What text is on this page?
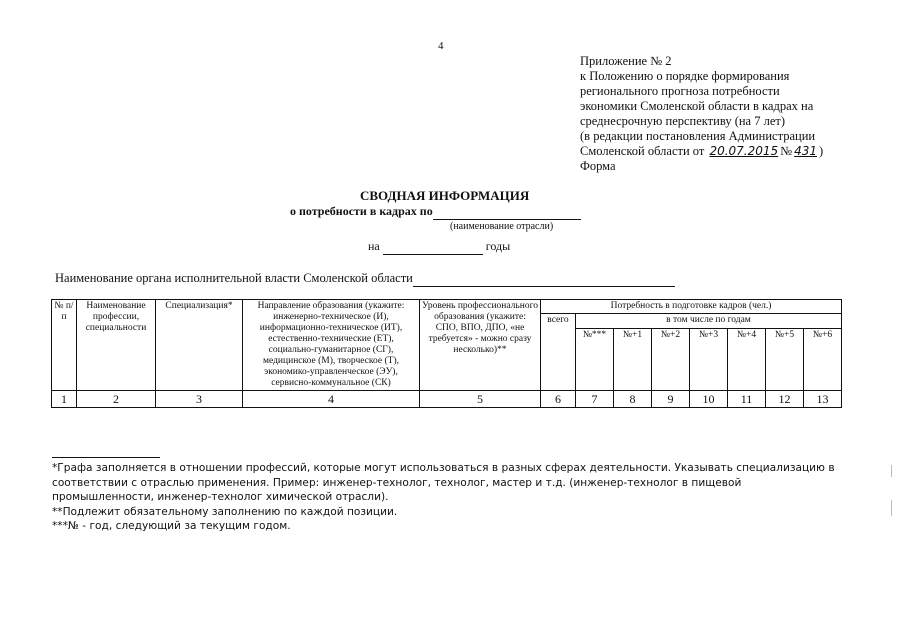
4
Приложение № 2
к Положению о порядке формирования
регионального прогноза потребности
экономики Смоленской области в кадрах на
среднесрочную перспективу (на 7 лет)
(в редакции постановления Администрации
Смоленской области от 20.07.2015 № 431 )
Форма
СВОДНАЯ ИНФОРМАЦИЯ
о потребности в кадрах по
(наименование отрасли)
на	годы
Наименование органа исполнительной власти Смоленской области
№ п/п	Наименование профессии, специальности	Специализация*	Направление образования (укажите: инженерно-техническое (И), информационно-техническое (ИТ), естественно-технические (ЕТ), социально-гуманитарное (СГ), медицинское (М), творческое (Т), экономико-управленческое (ЭУ), сервисно-коммунальное (СК)	Уровень профессионального образования (укажите: СПО, ВПО, ДПО, «не требуется» - можно сразу несколько)**	Потребность в подготовке кадров (чел.)							
					всего	в том числе по годам						
						№***	№+1	№+2	№+3	№+4	№+5	№+6
1	2	3	4	5	6	7	8	9	10	11	12	13

*Графа заполняется в отношении профессий, которые могут использоваться в разных сферах деятельности. Указывать специализацию в соответствии с отраслью применения. Пример: инженер-технолог, технолог, мастер и т.д. (инженер-технолог в пищевой промышленности, инженер-технолог химической отрасли).

**Подлежит обязательному заполнению по каждой позиции.

***№ - год, следующий за текущим годом.
